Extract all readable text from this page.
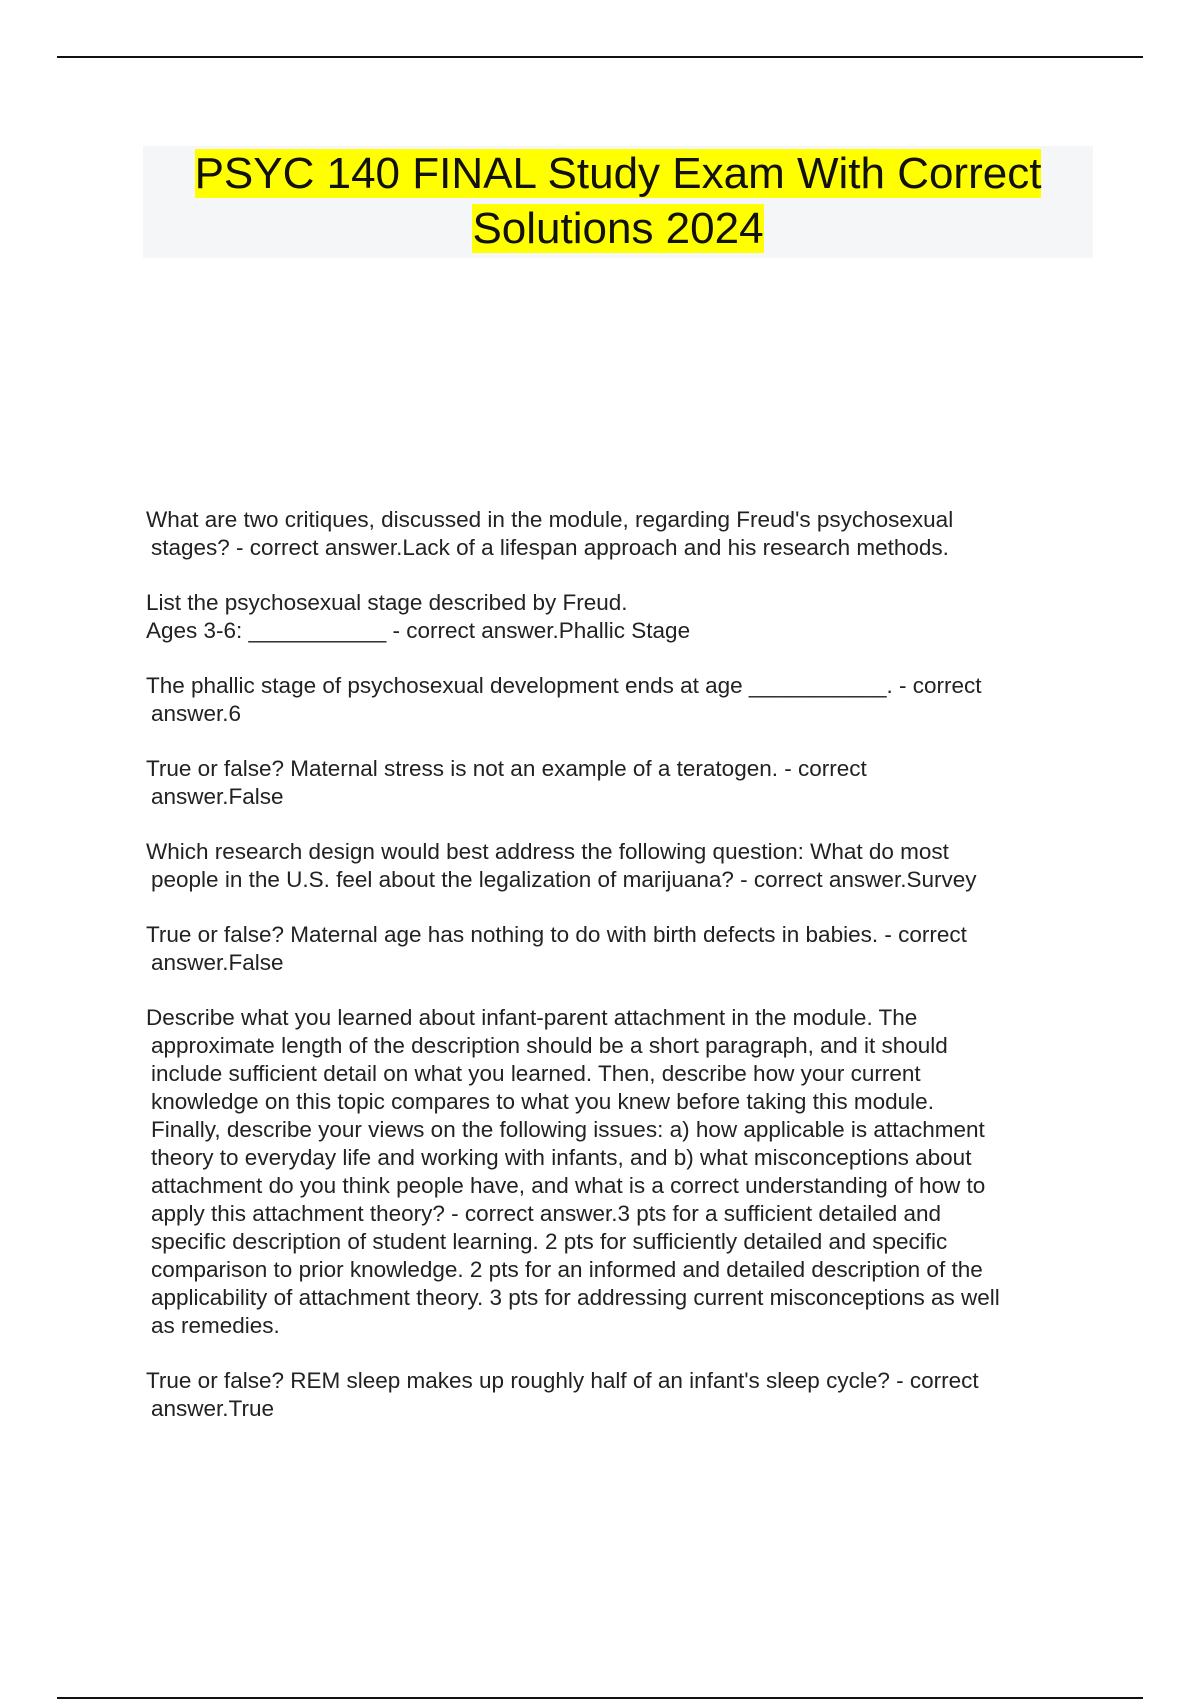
PSYC 140 FINAL Study Exam With Correct Solutions 2024
What are two critiques, discussed in the module, regarding Freud's psychosexual
stages? - correct answer.Lack of a lifespan approach and his research methods.
List the psychosexual stage described by Freud.
Ages 3-6: ___________ - correct answer.Phallic Stage
The phallic stage of psychosexual development ends at age ___________. - correct
answer.6
True or false? Maternal stress is not an example of a teratogen. - correct
answer.False
Which research design would best address the following question: What do most
people in the U.S. feel about the legalization of marijuana? - correct answer.Survey
True or false? Maternal age has nothing to do with birth defects in babies. - correct
answer.False
Describe what you learned about infant-parent attachment in the module. The
approximate length of the description should be a short paragraph, and it should
include sufficient detail on what you learned. Then, describe how your current
knowledge on this topic compares to what you knew before taking this module.
Finally, describe your views on the following issues: a) how applicable is attachment
theory to everyday life and working with infants, and b) what misconceptions about
attachment do you think people have, and what is a correct understanding of how to
apply this attachment theory? - correct answer.3 pts for a sufficient detailed and
specific description of student learning. 2 pts for sufficiently detailed and specific
comparison to prior knowledge. 2 pts for an informed and detailed description of the
applicability of attachment theory. 3 pts for addressing current misconceptions as well
as remedies.
True or false? REM sleep makes up roughly half of an infant's sleep cycle? - correct
answer.True
